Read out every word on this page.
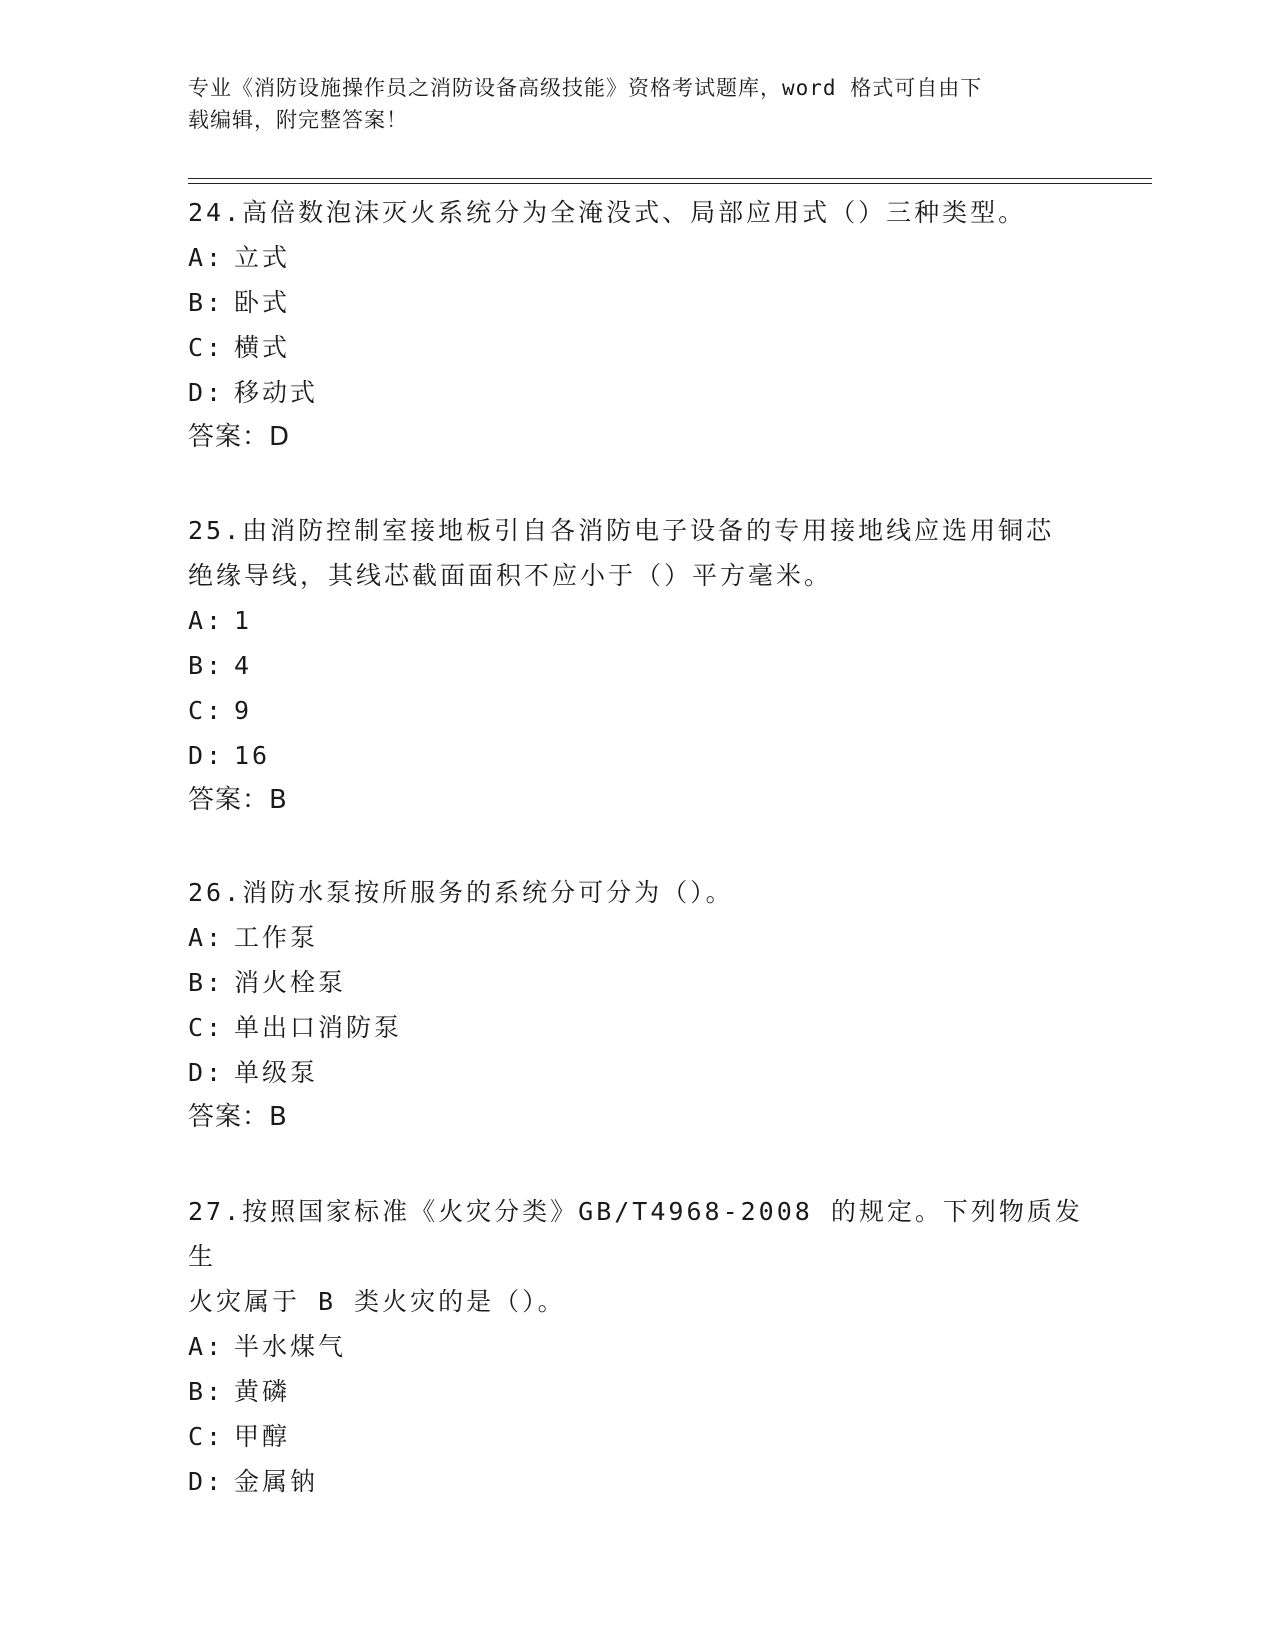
专业《消防设施操作员之消防设备高级技能》资格考试题库，word 格式可自由下
载编辑，附完整答案！

24.高倍数泡沫灭火系统分为全淹没式、局部应用式（）三种类型。

A: 立式

B: 卧式

C: 横式

D: 移动式

答案：D

25.由消防控制室接地板引自各消防电子设备的专用接地线应选用铜芯

绝缘导线，其线芯截面面积不应小于（）平方毫米。

A: 1

B: 4

C: 9

D: 16

答案：B

26.消防水泵按所服务的系统分可分为（）。

A: 工作泵

B: 消火栓泵

C: 单出口消防泵

D: 单级泵

答案：B

27.按照国家标准《火灾分类》GB/T4968-2008 的规定。下列物质发生

火灾属于 B 类火灾的是（）。

A: 半水煤气

B: 黄磷

C: 甲醇

D: 金属钠
